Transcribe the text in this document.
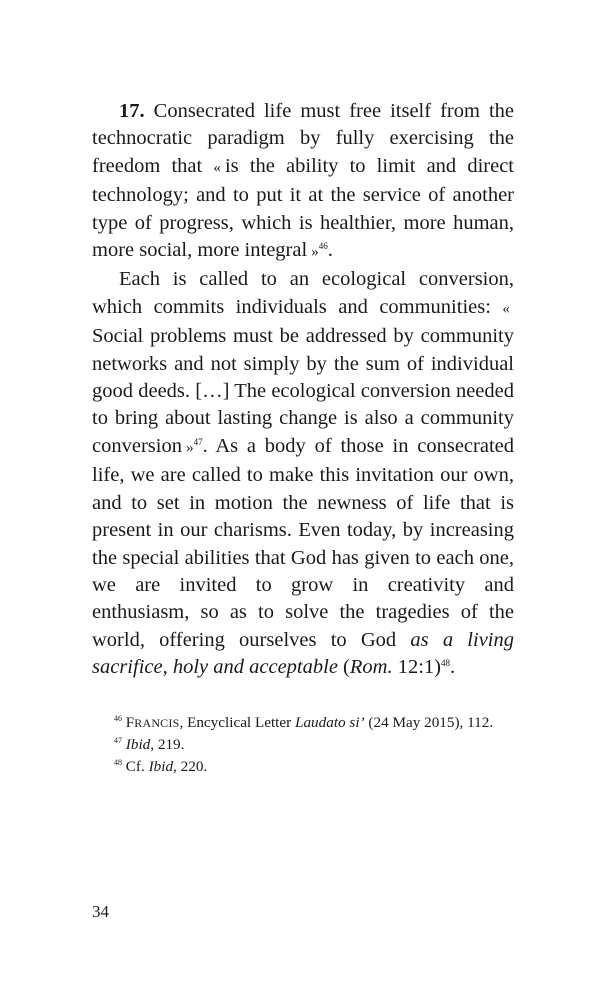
17. Consecrated life must free itself from the technocratic paradigm by fully exercising the freedom that « is the ability to limit and direct technology; and to put it at the service of another type of progress, which is healthier, more human, more social, more integral »$^{46}$.

Each is called to an ecological conversion, which commits individuals and communities: « Social problems must be addressed by community networks and not simply by the sum of individual good deeds. […] The ecological conversion needed to bring about lasting change is also a community conversion »$^{47}$. As a body of those in consecrated life, we are called to make this invitation our own, and to set in motion the newness of life that is present in our charisms. Even today, by increasing the special abilities that God has given to each one, we are invited to grow in creativity and enthusiasm, so as to solve the tragedies of the world, offering ourselves to God as a living sacrifice, holy and acceptable (Rom. 12:1)$^{48}$.

$^{46}$ FRANCIS, Encyclical Letter Laudato si’ (24 May 2015), 112.

$^{47}$ Ibid, 219.

$^{48}$ Cf. Ibid, 220.

34
